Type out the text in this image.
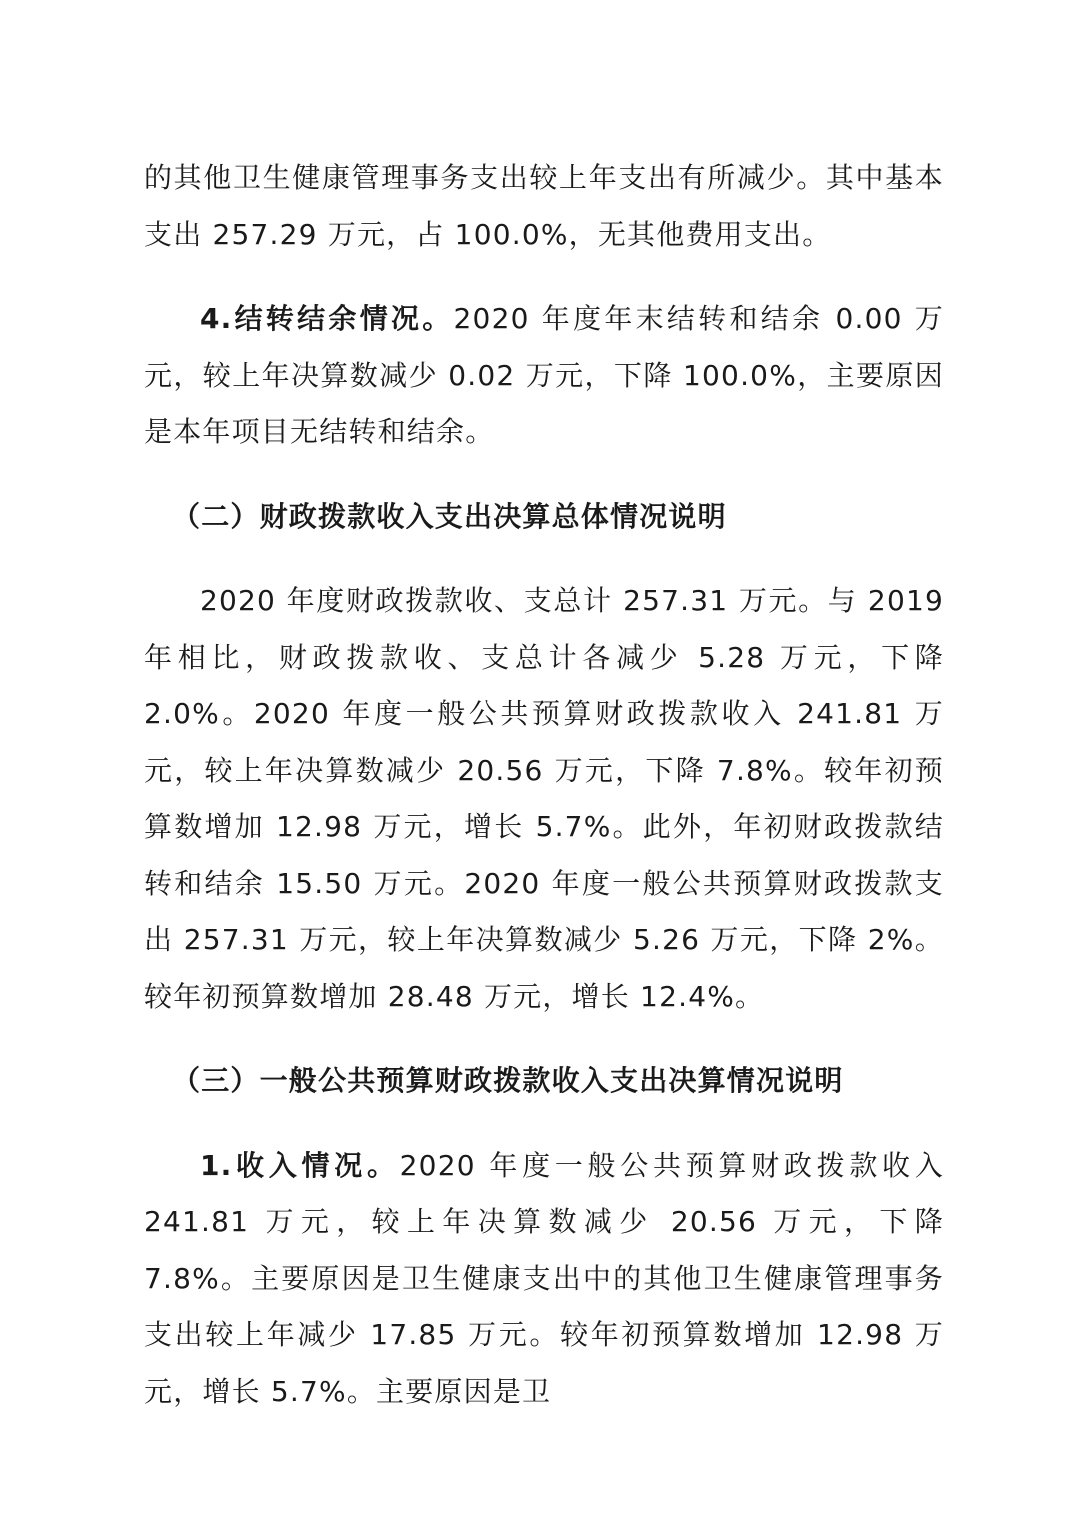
的其他卫生健康管理事务支出较上年支出有所减少。其中基本支出 257.29 万元，占 100.0%，无其他费用支出。

4.结转结余情况。2020 年度年末结转和结余 0.00 万元，较上年决算数减少 0.02 万元，下降 100.0%，主要原因是本年项目无结转和结余。

（二）财政拨款收入支出决算总体情况说明

2020 年度财政拨款收、支总计 257.31 万元。与 2019 年相比，财政拨款收、支总计各减少 5.28 万元，下降 2.0%。2020 年度一般公共预算财政拨款收入 241.81 万元，较上年决算数减少 20.56 万元，下降 7.8%。较年初预算数增加 12.98 万元，增长 5.7%。此外，年初财政拨款结转和结余 15.50 万元。2020 年度一般公共预算财政拨款支出 257.31 万元，较上年决算数减少 5.26 万元，下降 2%。较年初预算数增加 28.48 万元，增长 12.4%。

（三）一般公共预算财政拨款收入支出决算情况说明

1.收入情况。2020 年度一般公共预算财政拨款收入 241.81 万元，较上年决算数减少 20.56 万元，下降 7.8%。主要原因是卫生健康支出中的其他卫生健康管理事务支出较上年减少 17.85 万元。较年初预算数增加 12.98 万元，增长 5.7%。主要原因是卫
